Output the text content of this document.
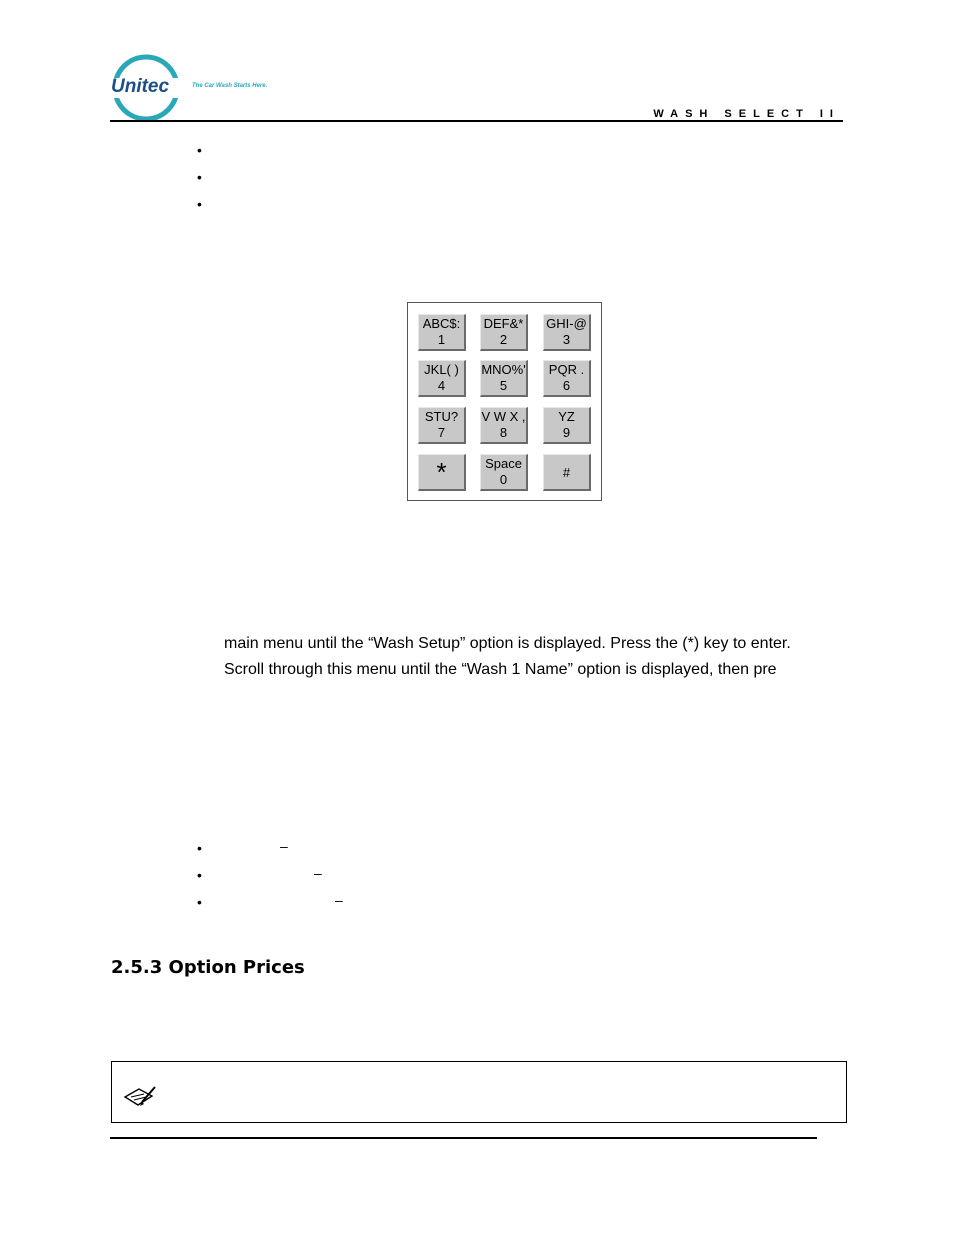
Unitec	The Car Wash Starts Here.
WASH SELECT II
•
•
•
ABC$:
1
DEF&*
2
GHI-@
3
JKL( )
4
MNO%'
5
PQR .
6
STU?
7
V W X ,
8
YZ
9
*	Space
0	#
main menu until the “Wash Setup” option is displayed. Press the (*) key to enter.
Scroll through this menu until the “Wash 1 Name” option is displayed, then pre
•	–
•	–
•	–
2.5.3 Option Prices
